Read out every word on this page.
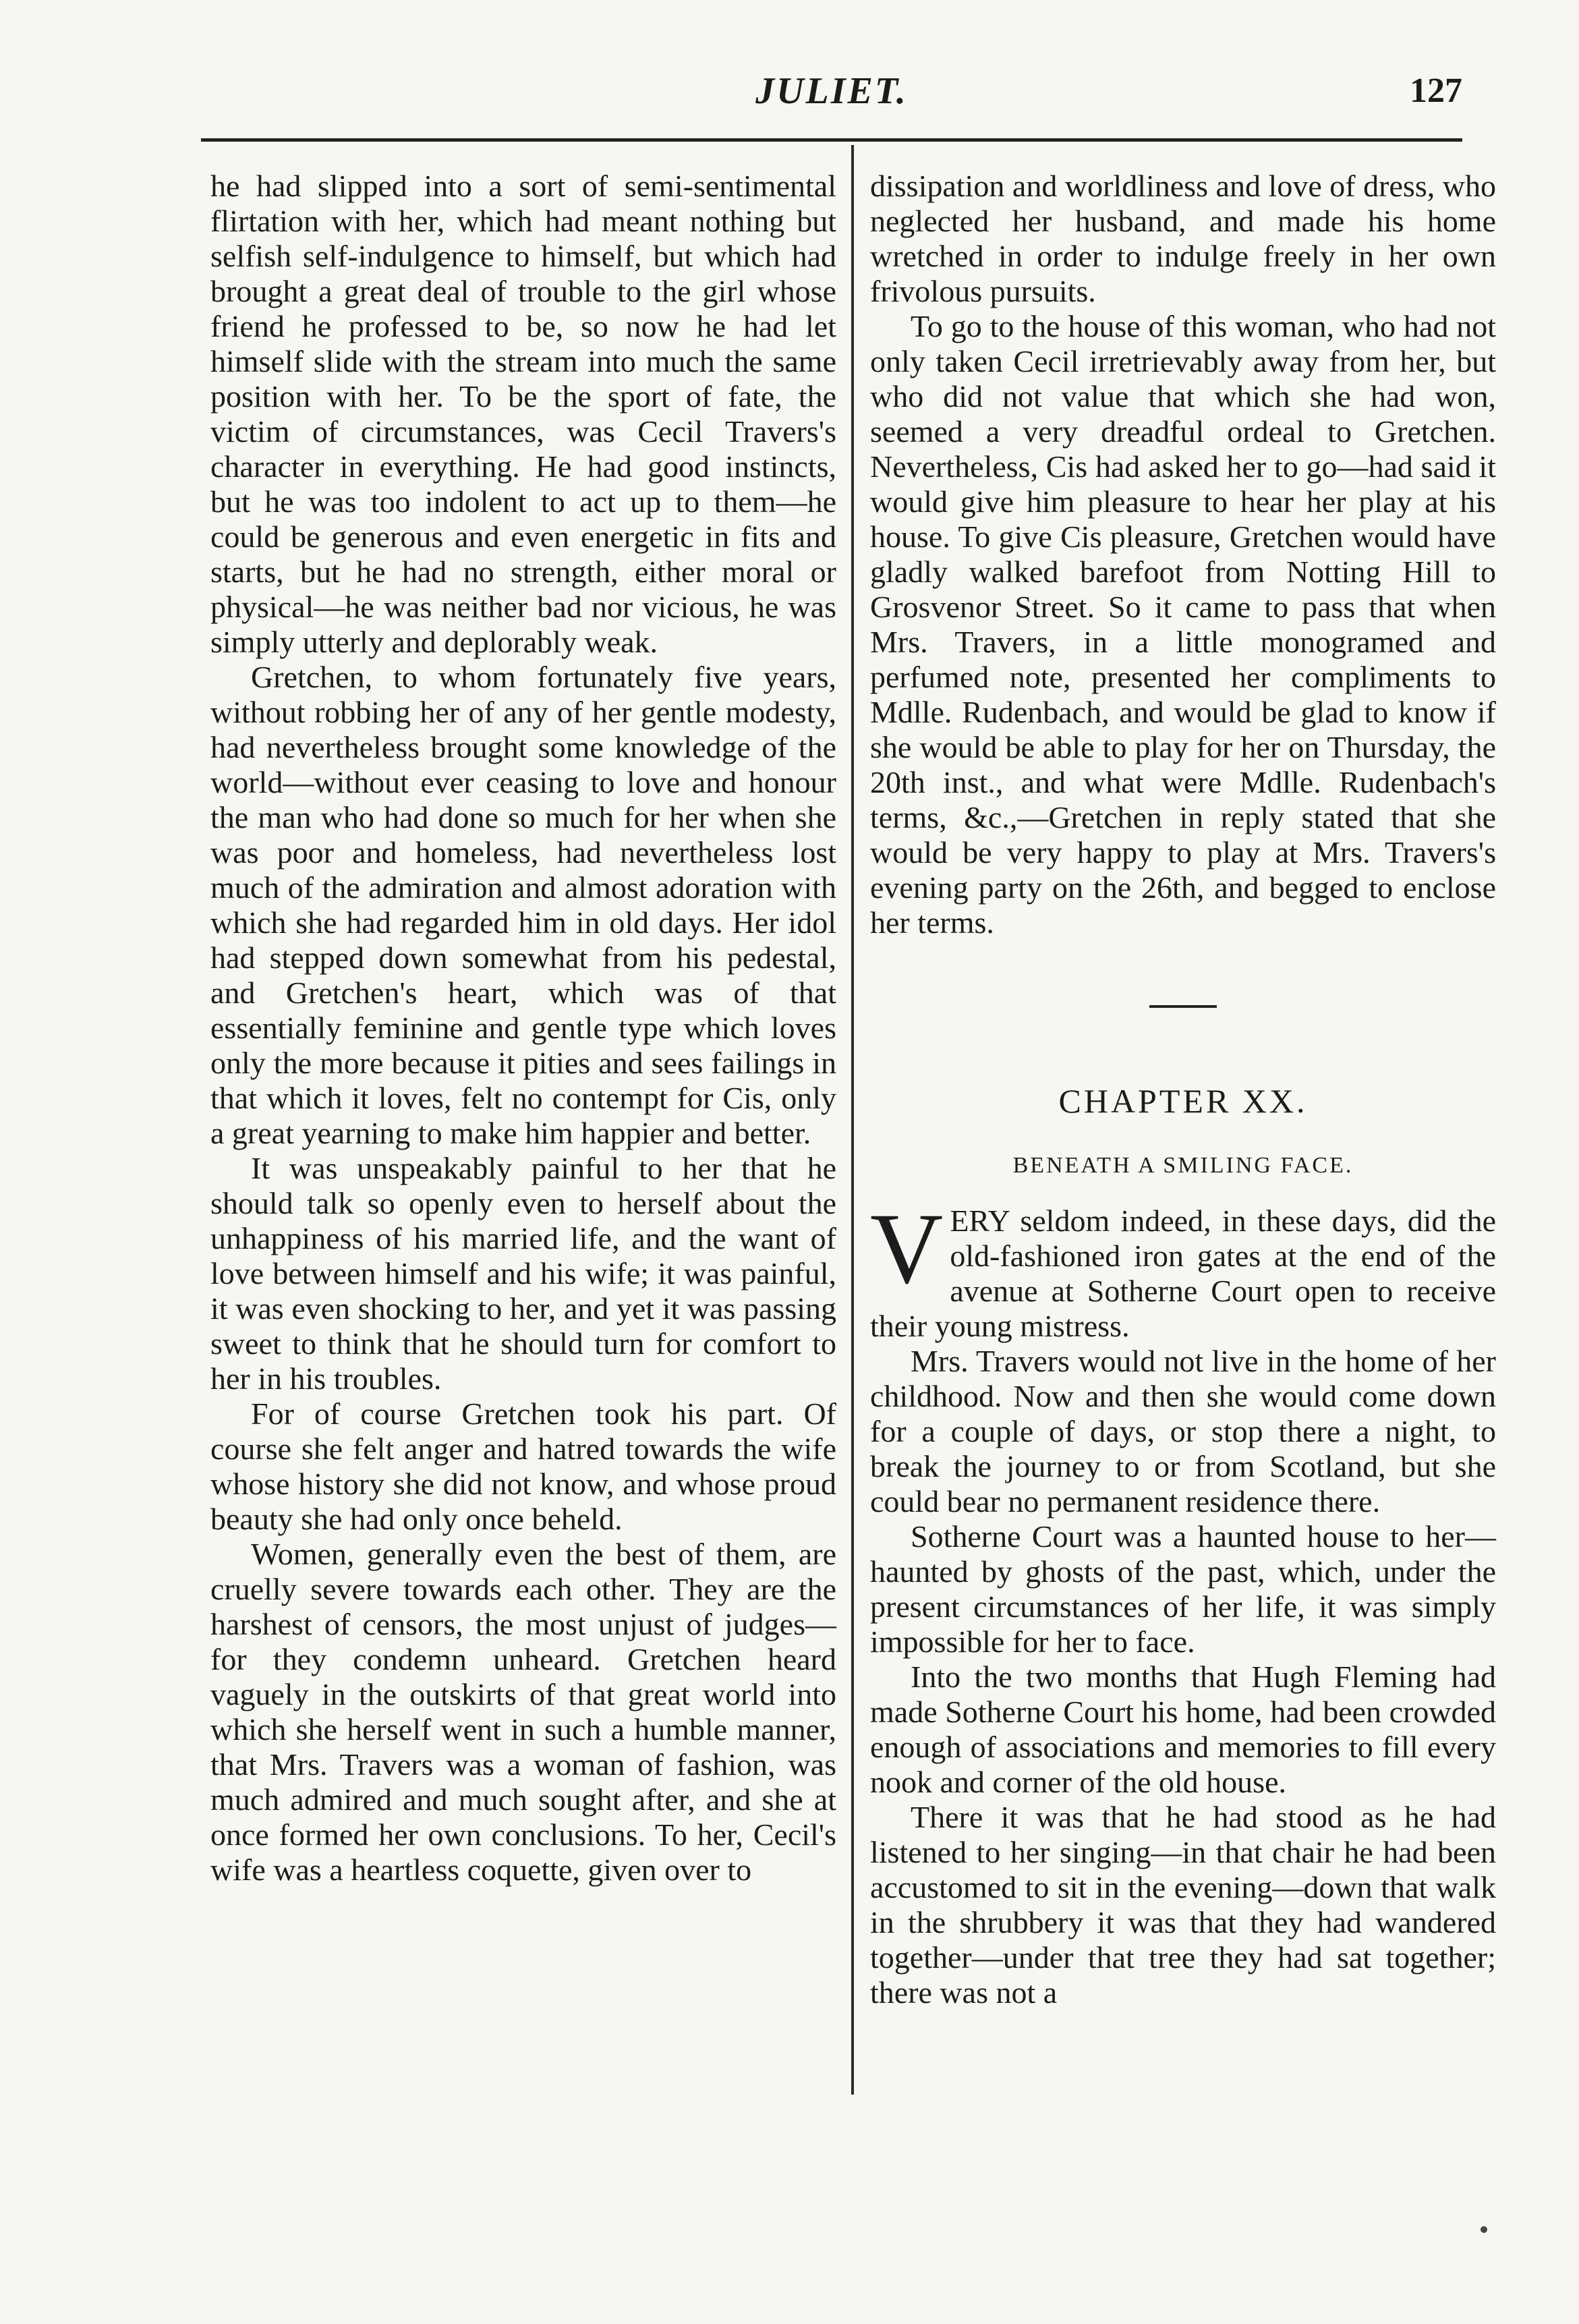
JULIET.	127

he had slipped into a sort of semi-sentimental flirtation with her, which had meant nothing but selfish self-indulgence to himself, but which had brought a great deal of trouble to the girl whose friend he professed to be, so now he had let himself slide with the stream into much the same position with her. To be the sport of fate, the victim of circumstances, was Cecil Travers's character in everything. He had good instincts, but he was too indolent to act up to them—he could be generous and even energetic in fits and starts, but he had no strength, either moral or physical—he was neither bad nor vicious, he was simply utterly and deplorably weak.

Gretchen, to whom fortunately five years, without robbing her of any of her gentle modesty, had nevertheless brought some knowledge of the world—without ever ceasing to love and honour the man who had done so much for her when she was poor and homeless, had nevertheless lost much of the admiration and almost adoration with which she had regarded him in old days. Her idol had stepped down somewhat from his pedestal, and Gretchen's heart, which was of that essentially feminine and gentle type which loves only the more because it pities and sees failings in that which it loves, felt no contempt for Cis, only a great yearning to make him happier and better.

It was unspeakably painful to her that he should talk so openly even to herself about the unhappiness of his married life, and the want of love between himself and his wife; it was painful, it was even shocking to her, and yet it was passing sweet to think that he should turn for comfort to her in his troubles.

For of course Gretchen took his part. Of course she felt anger and hatred towards the wife whose history she did not know, and whose proud beauty she had only once beheld.

Women, generally even the best of them, are cruelly severe towards each other. They are the harshest of censors, the most unjust of judges—for they condemn unheard. Gretchen heard vaguely in the outskirts of that great world into which she herself went in such a humble manner, that Mrs. Travers was a woman of fashion, was much admired and much sought after, and she at once formed her own conclusions. To her, Cecil's wife was a heartless coquette, given over to

dissipation and worldliness and love of dress, who neglected her husband, and made his home wretched in order to indulge freely in her own frivolous pursuits.

To go to the house of this woman, who had not only taken Cecil irretrievably away from her, but who did not value that which she had won, seemed a very dreadful ordeal to Gretchen. Nevertheless, Cis had asked her to go—had said it would give him pleasure to hear her play at his house. To give Cis pleasure, Gretchen would have gladly walked barefoot from Notting Hill to Grosvenor Street. So it came to pass that when Mrs. Travers, in a little monogramed and perfumed note, presented her compliments to Mdlle. Rudenbach, and would be glad to know if she would be able to play for her on Thursday, the 20th inst., and what were Mdlle. Rudenbach's terms, &c.,—Gretchen in reply stated that she would be very happy to play at Mrs. Travers's evening party on the 26th, and begged to enclose her terms.

CHAPTER XX.
BENEATH A SMILING FACE.

VERY seldom indeed, in these days, did the old-fashioned iron gates at the end of the avenue at Sotherne Court open to receive their young mistress.

Mrs. Travers would not live in the home of her childhood. Now and then she would come down for a couple of days, or stop there a night, to break the journey to or from Scotland, but she could bear no permanent residence there.

Sotherne Court was a haunted house to her—haunted by ghosts of the past, which, under the present circumstances of her life, it was simply impossible for her to face.

Into the two months that Hugh Fleming had made Sotherne Court his home, had been crowded enough of associations and memories to fill every nook and corner of the old house.

There it was that he had stood as he had listened to her singing—in that chair he had been accustomed to sit in the evening—down that walk in the shrubbery it was that they had wandered together—under that tree they had sat together; there was not a
